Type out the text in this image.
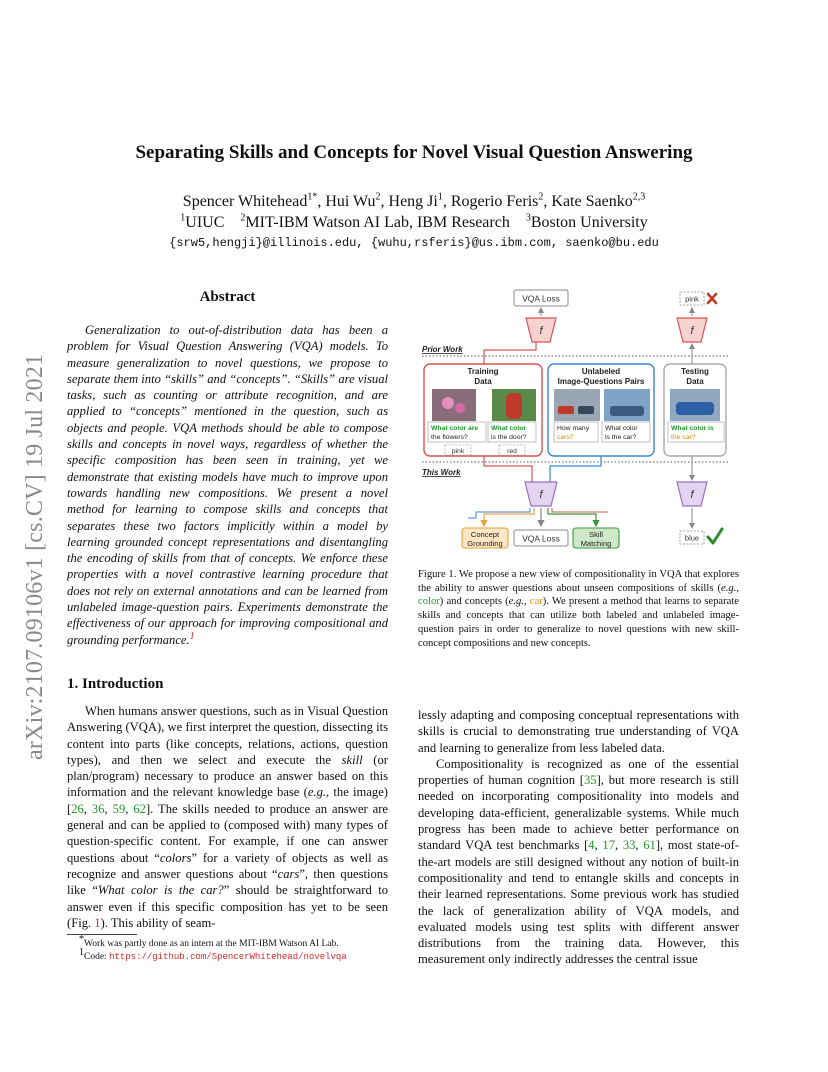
arXiv:2107.09106v1 [cs.CV] 19 Jul 2021
Separating Skills and Concepts for Novel Visual Question Answering
Spencer Whitehead$^{1*}$, Hui Wu$^2$, Heng Ji$^1$, Rogerio Feris$^2$, Kate Saenko$^{2,3}$
$^1$UIUC $^2$MIT-IBM Watson AI Lab, IBM Research $^3$Boston University
{srw5,hengji}@illinois.edu, {wuhu,rsferis}@us.ibm.com, saenko@bu.edu
Abstract

Generalization to out-of-distribution data has been a problem for Visual Question Answering (VQA) models. To measure generalization to novel questions, we propose to separate them into “skills” and “concepts”. “Skills” are visual tasks, such as counting or attribute recognition, and are applied to “concepts” mentioned in the question, such as objects and people. VQA methods should be able to compose skills and concepts in novel ways, regardless of whether the specific composition has been seen in training, yet we demonstrate that existing models have much to improve upon towards handling new compositions. We present a novel method for learning to compose skills and concepts that separates these two factors implicitly within a model by learning grounded concept representations and disentangling the encoding of skills from that of concepts. We enforce these properties with a novel contrastive learning procedure that does not rely on external annotations and can be learned from unlabeled image-question pairs. Experiments demonstrate the effectiveness of our approach for improving compositional and grounding performance.$^1$

1. Introduction

When humans answer questions, such as in Visual Question Answering (VQA), we first interpret the question, dissecting its content into parts (like concepts, relations, actions, question types), and then we select and execute the skill (or plan/program) necessary to produce an answer based on this information and the relevant knowledge base (e.g., the image) [26, 36, 59, 62]. The skills needed to produce an answer are general and can be applied to (composed with) many types of question-specific content. For example, if one can answer questions about “colors” for a variety of objects as well as recognize and answer questions about “cars”, then questions like “What color is the car?” should be straightforward to answer even if this specific composition has yet to be seen (Fig. 1). This ability of seam-

*Work was partly done as an intern at the MIT-IBM Watson AI Lab.
$^1$Code: https://github.com/SpencerWhitehead/novelvqa
VQA Loss
f	f
pink
Prior Work
Training
Data
What color are
the flowers?
What color
is the door?
pink	red
Unlabeled
Image-Questions Pairs
How many
cars?
What color
is the car?
Testing
Data
What color is
the car?
This Work
f	f
Concept
Grounding VQA Loss	Skill
Matching
blue
Figure 1. We propose a new view of compositionality in VQA that explores the ability to answer questions about unseen compositions of skills (e.g., color) and concepts (e.g., car). We present a method that learns to separate skills and concepts that can utilize both labeled and unlabeled image-question pairs in order to generalize to novel questions with new skill-concept compositions and new concepts.

lessly adapting and composing conceptual representations with skills is crucial to demonstrating true understanding of VQA and learning to generalize from less labeled data.

Compositionality is recognized as one of the essential properties of human cognition [35], but more research is still needed on incorporating compositionality into models and developing data-efficient, generalizable systems. While much progress has been made to achieve better performance on standard VQA test benchmarks [4, 17, 33, 61], most state-of-the-art models are still designed without any notion of built-in compositionality and tend to entangle skills and concepts in their learned representations. Some previous work has studied the lack of generalization ability of VQA models, and evaluated models using test splits with different answer distributions from the training data. However, this measurement only indirectly addresses the central issue
